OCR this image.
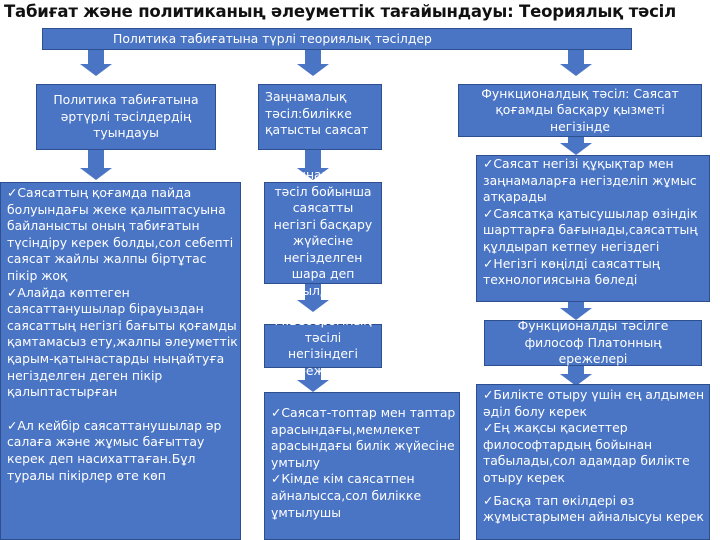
Табиғат және политиканың әлеуметтік тағайындауы: Теориялық тәсіл
Политика табиғатына түрлі теориялық тәсілдер
Политика табиғатына әртүрлі тәсілдердің туындауы

✓Саясаттың қоғамда пайда болуындағы жеке қалыптасуына байланысты оның табиғатын түсіндіру керек болды,сол себепті саясат жайлы жалпы біртұтас пікір жоқ

✓Алайда көптеген саясаттанушылар бірауыздан саясаттың негізгі бағыты қоғамды қамтамасыз ету,жалпы әлеуметтік қарым-қатынастарды ныңайтуға негізделген деген пікір қалыптастырған

✓Ал кейбір саясаттанушылар әр салаға және жұмыс бағыттау керек деп насихаттаған.Бұл туралы пікірлер өте көп

Заңнамалық тәсіл:билікке қатысты саясат
Заңнамалық тәсіл бойынша саясатты негізгі басқару жүйесіне негізделген шара деп қабылдайды.
М.Веберомның тәсілі негізіндегі ережелер

✓Саясат-топтар мен таптар арасындағы,мемлекет арасындағы билік жүйесіне умтылу

✓Кімде кім саясатпен айналысса,сол билікке ұмтылушы

Функционалдық тәсіл: Саясат қоғамды басқару қызметі негізінде

✓Саясат негізі құқықтар мен заңнамаларға негізделіп жұмыс атқарады

✓Саясатқа қатысушылар өзіндік шарттарға бағынады,саясаттың құлдырап кетпеу негіздегі

✓Негізгі көңілді саясаттың технологиясына бөледі

Функционалды тәсілге философ Платонның ережелері

✓Билікте отыру үшін ең алдымен әділ болу керек

✓Ең жақсы қасиеттер философтардың бойынан табылады,сол адамдар билікте отыру керек

✓Басқа тап өкілдері өз жұмыстарымен айналысуы керек
